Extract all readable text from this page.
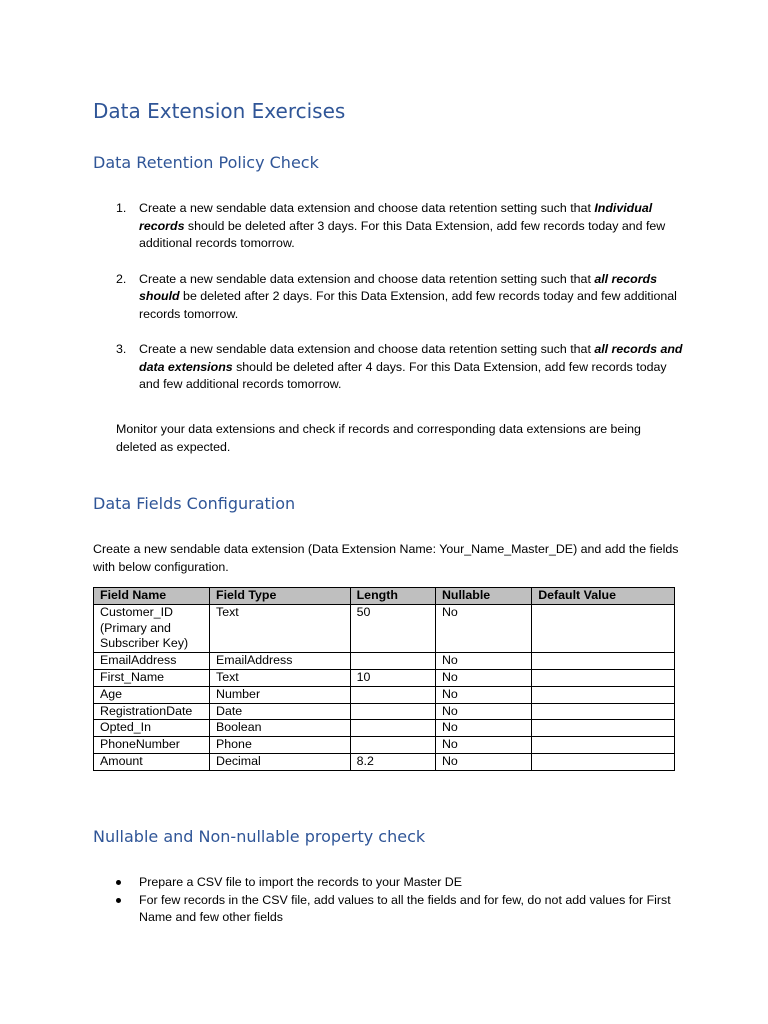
Data Extension Exercises
Data Retention Policy Check
1. Create a new sendable data extension and choose data retention setting such that Individual records should be deleted after 3 days. For this Data Extension, add few records today and few additional records tomorrow.
2. Create a new sendable data extension and choose data retention setting such that all records should be deleted after 2 days. For this Data Extension, add few records today and few additional records tomorrow.
3. Create a new sendable data extension and choose data retention setting such that all records and data extensions should be deleted after 4 days. For this Data Extension, add few records today and few additional records tomorrow.

Monitor your data extensions and check if records and corresponding data extensions are being deleted as expected.

Data Fields Configuration

Create a new sendable data extension (Data Extension Name: Your_Name_Master_DE) and add the fields with below configuration.

Field Name	Field Type	Length	Nullable	Default Value
Customer_ID (Primary and Subscriber Key)	Text	50	No	
EmailAddress	EmailAddress		No	
First_Name	Text	10	No	
Age	Number		No	
RegistrationDate	Date		No	
Opted_In	Boolean		No	
PhoneNumber	Phone		No	
Amount	Decimal	8.2	No	
Nullable and Non-nullable property check
Prepare a CSV file to import the records to your Master DE
For few records in the CSV file, add values to all the fields and for few, do not add values for First Name and few other fields
